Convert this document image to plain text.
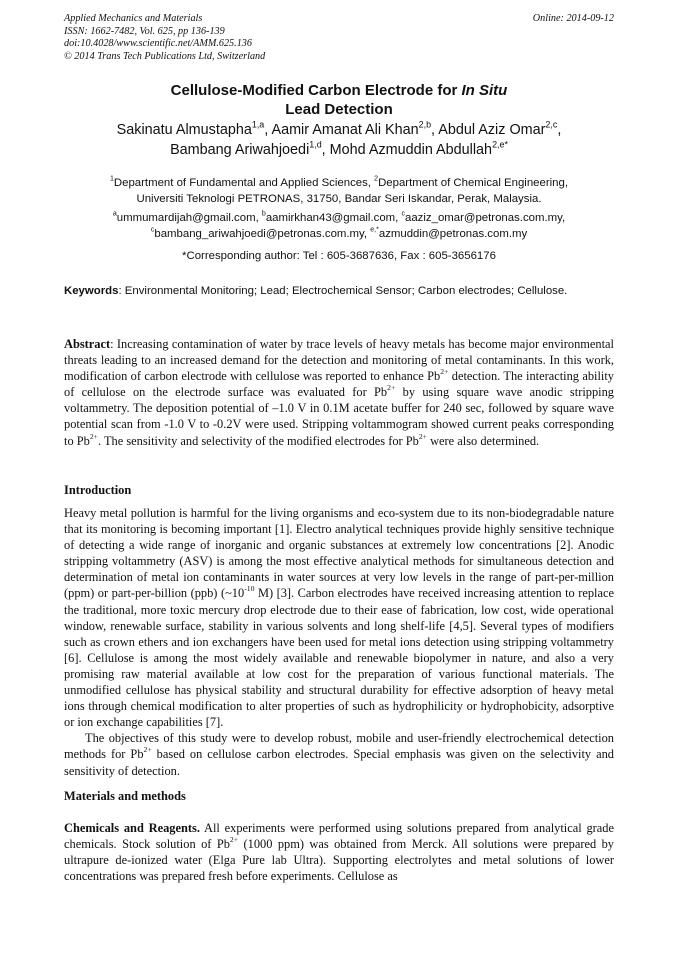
Applied Mechanics and Materials
ISSN: 1662-7482, Vol. 625, pp 136-139
doi:10.4028/www.scientific.net/AMM.625.136
© 2014 Trans Tech Publications Ltd, Switzerland
Online: 2014-09-12
Cellulose-Modified Carbon Electrode for In Situ
Lead Detection
Sakinatu Almustapha$^{1,a}$, Aamir Amanat Ali Khan$^{2,b}$, Abdul Aziz Omar$^{2,c}$,
Bambang Ariwahjoedi$^{1,d}$, Mohd Azmuddin Abdullah$^{2,e*}$
$^1$Department of Fundamental and Applied Sciences, $^2$Department of Chemical Engineering,
Universiti Teknologi PETRONAS, 31750, Bandar Seri Iskandar, Perak, Malaysia.
$^a$ummumardijah@gmail.com, $^b$aamirkhan43@gmail.com, $^c$aaziz_omar@petronas.com.my,
$^c$bambang_ariwahjoedi@petronas.com.my, $^{e,*}$azmuddin@petronas.com.my
*Corresponding author: Tel : 605-3687636, Fax : 605-3656176
Keywords: Environmental Monitoring; Lead; Electrochemical Sensor; Carbon electrodes; Cellulose.
Abstract: Increasing contamination of water by trace levels of heavy metals has become major environmental threats leading to an increased demand for the detection and monitoring of metal contaminants. In this work, modification of carbon electrode with cellulose was reported to enhance $Pb^{2+}$ detection. The interacting ability of cellulose on the electrode surface was evaluated for $Pb^{2+}$ by using square wave anodic stripping voltammetry. The deposition potential of –1.0 V in 0.1M acetate buffer for 240 sec, followed by square wave potential scan from -1.0 V to -0.2V were used. Stripping voltammogram showed current peaks corresponding to $Pb^{2+}$. The sensitivity and selectivity of the modified electrodes for $Pb^{2+}$ were also determined.
Introduction

Heavy metal pollution is harmful for the living organisms and eco-system due to its non-biodegradable nature that its monitoring is becoming important [1]. Electro analytical techniques provide highly sensitive technique of detecting a wide range of inorganic and organic substances at extremely low concentrations [2]. Anodic stripping voltammetry (ASV) is among the most effective analytical methods for simultaneous detection and determination of metal ion contaminants in water sources at very low levels in the range of part-per-million (ppm) or part-per-billion (ppb) ($\sim 10^{-10}$ M) [3]. Carbon electrodes have received increasing attention to replace the traditional, more toxic mercury drop electrode due to their ease of fabrication, low cost, wide operational window, renewable surface, stability in various solvents and long shelf-life [4,5]. Several types of modifiers such as crown ethers and ion exchangers have been used for metal ions detection using stripping voltammetry [6]. Cellulose is among the most widely available and renewable biopolymer in nature, and also a very promising raw material available at low cost for the preparation of various functional materials. The unmodified cellulose has physical stability and structural durability for effective adsorption of heavy metal ions through chemical modification to alter properties of such as hydrophilicity or hydrophobicity, adsorptive or ion exchange capabilities [7].

The objectives of this study were to develop robust, mobile and user-friendly electrochemical detection methods for $Pb^{2+}$ based on cellulose carbon electrodes. Special emphasis was given on the selectivity and sensitivity of detection.

Materials and methods
Chemicals and Reagents. All experiments were performed using solutions prepared from analytical grade chemicals. Stock solution of $Pb^{2+}$ (1000 ppm) was obtained from Merck. All solutions were prepared by ultrapure de-ionized water (Elga Pure lab Ultra). Supporting electrolytes and metal solutions of lower concentrations was prepared fresh before experiments. Cellulose as
